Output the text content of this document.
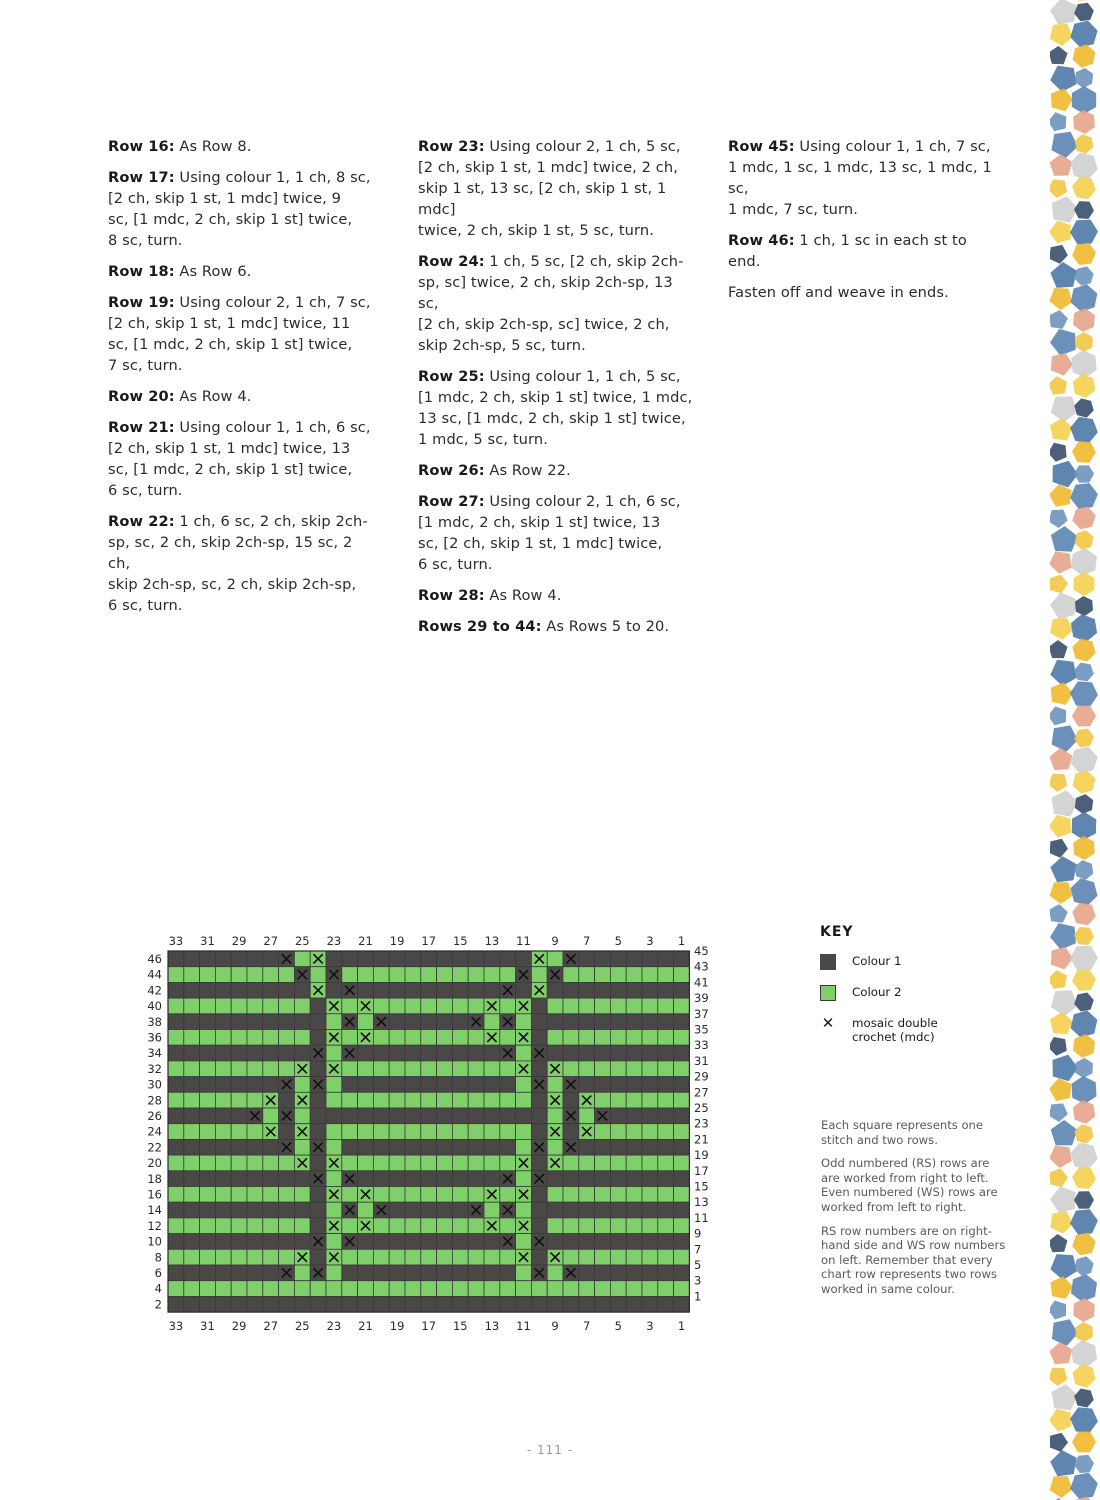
Row 16: As Row 8.

Row 17: Using colour 1, 1 ch, 8 sc,
[2 ch, skip 1 st, 1 mdc] twice, 9
sc, [1 mdc, 2 ch, skip 1 st] twice,
8 sc, turn.

Row 18: As Row 6.

Row 19: Using colour 2, 1 ch, 7 sc,
[2 ch, skip 1 st, 1 mdc] twice, 11
sc, [1 mdc, 2 ch, skip 1 st] twice,
7 sc, turn.

Row 20: As Row 4.

Row 21: Using colour 1, 1 ch, 6 sc,
[2 ch, skip 1 st, 1 mdc] twice, 13
sc, [1 mdc, 2 ch, skip 1 st] twice,
6 sc, turn.

Row 22: 1 ch, 6 sc, 2 ch, skip 2ch-
sp, sc, 2 ch, skip 2ch-sp, 15 sc, 2 ch,
skip 2ch-sp, sc, 2 ch, skip 2ch-sp,
6 sc, turn.

Row 23: Using colour 2, 1 ch, 5 sc,
[2 ch, skip 1 st, 1 mdc] twice, 2 ch,
skip 1 st, 13 sc, [2 ch, skip 1 st, 1 mdc]
twice, 2 ch, skip 1 st, 5 sc, turn.

Row 24: 1 ch, 5 sc, [2 ch, skip 2ch-
sp, sc] twice, 2 ch, skip 2ch-sp, 13 sc,
[2 ch, skip 2ch-sp, sc] twice, 2 ch,
skip 2ch-sp, 5 sc, turn.

Row 25: Using colour 1, 1 ch, 5 sc,
[1 mdc, 2 ch, skip 1 st] twice, 1 mdc,
13 sc, [1 mdc, 2 ch, skip 1 st] twice,
1 mdc, 5 sc, turn.

Row 26: As Row 22.

Row 27: Using colour 2, 1 ch, 6 sc,
[1 mdc, 2 ch, skip 1 st] twice, 13
sc, [2 ch, skip 1 st, 1 mdc] twice,
6 sc, turn.

Row 28: As Row 4.

Rows 29 to 44: As Rows 5 to 20.

Row 45: Using colour 1, 1 ch, 7 sc,
1 mdc, 1 sc, 1 mdc, 13 sc, 1 mdc, 1 sc,
1 mdc, 7 sc, turn.

Row 46: 1 ch, 1 sc in each st to end.

Fasten off and weave in ends.

33
33
31
31
29
29
27
27
25
25
23
23
21
21
19
19
17
17
15
15
13
13
11
11
9
9
7
7
5
5
3
3
1
1
46
44
42
40
38
36
34
32
30
28
26
24
22
20
18
16
14
12
10
8
6
4
2
45
43
41
39
37
35
33
31
29
27
25
23
21
19
17
15
13
11
9
7
5
3
1
KEY
Colour 1
Colour 2
✕ mosaic double
crochet (mdc)

Each square represents one stitch and two rows.

Odd numbered (RS) rows are are worked from right to left. Even numbered (WS) rows are worked from left to right.

RS row numbers are on right-hand side and WS row numbers on left. Remember that every chart row represents two rows worked in same colour.

- 111 -
